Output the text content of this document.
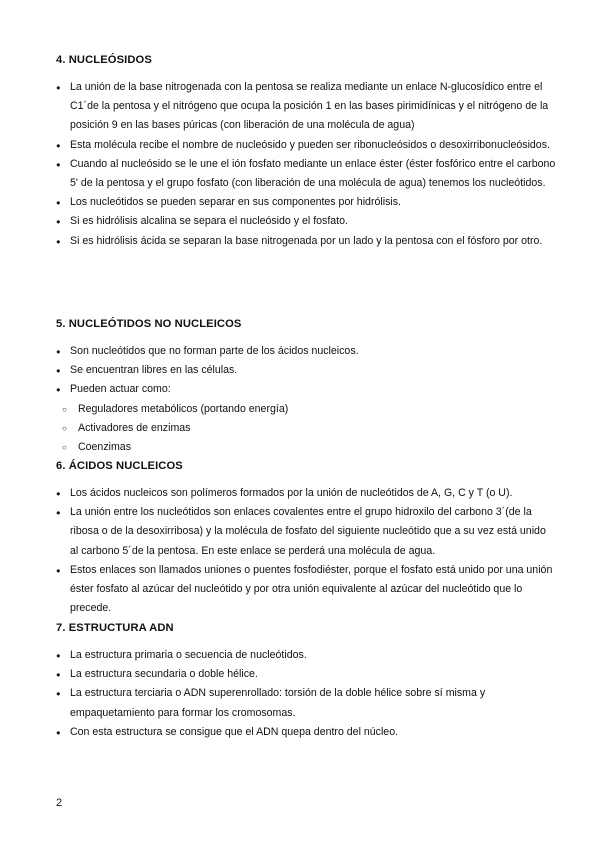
4. NUCLEÓSIDOS
● La unión de la base nitrogenada con la pentosa se realiza mediante un enlace N-glucosídico entre el C1´de la pentosa y el nitrógeno que ocupa la posición 1 en las bases pirimidínicas y el nitrógeno de la posición 9 en las bases púricas (con liberación de una molécula de agua)
● Esta molécula recibe el nombre de nucleósido y pueden ser ribonucleósidos o desoxirribonucleósidos.
● Cuando al nucleósido se le une el ión fosfato mediante un enlace éster (éster fosfórico entre el carbono 5' de la pentosa y el grupo fosfato (con liberación de una molécula de agua) tenemos los nucleótidos.
● Los nucleótidos se pueden separar en sus componentes por hidrólisis.
● Si es hidrólisis alcalina se separa el nucleósido y el fosfato.
● Si es hidrólisis ácida se separan la base nitrogenada por un lado y la pentosa con el fósforo por otro.
5. NUCLEÓTIDOS NO NUCLEICOS
● Son nucleótidos que no forman parte de los ácidos nucleicos.
● Se encuentran libres en las células.
● Pueden actuar como:
○ Reguladores metabólicos (portando energía)
○ Activadores de enzimas
○ Coenzimas
6. ÁCIDOS NUCLEICOS
● Los ácidos nucleicos son polímeros formados por la unión de nucleótidos de A, G, C y T (o U).
● La unión entre los nucleótidos son enlaces covalentes entre el grupo hidroxilo del carbono 3´(de la ribosa o de la desoxirribosa) y la molécula de fosfato del siguiente nucleótido que a su vez está unido al carbono 5´de la pentosa. En este enlace se perderá una molécula de agua.
● Estos enlaces son llamados uniones o puentes fosfodiéster, porque el fosfato está unido por una unión éster fosfato al azúcar del nucleótido y por otra unión equivalente al azúcar del nucleótido que lo precede.
7. ESTRUCTURA ADN
● La estructura primaria o secuencia de nucleótidos.
● La estructura secundaria o doble hélice.
● La estructura terciaria o ADN superenrollado: torsión de la doble hélice sobre sí misma y empaquetamiento para formar los cromosomas.
● Con esta estructura se consigue que el ADN quepa dentro del núcleo.
2
